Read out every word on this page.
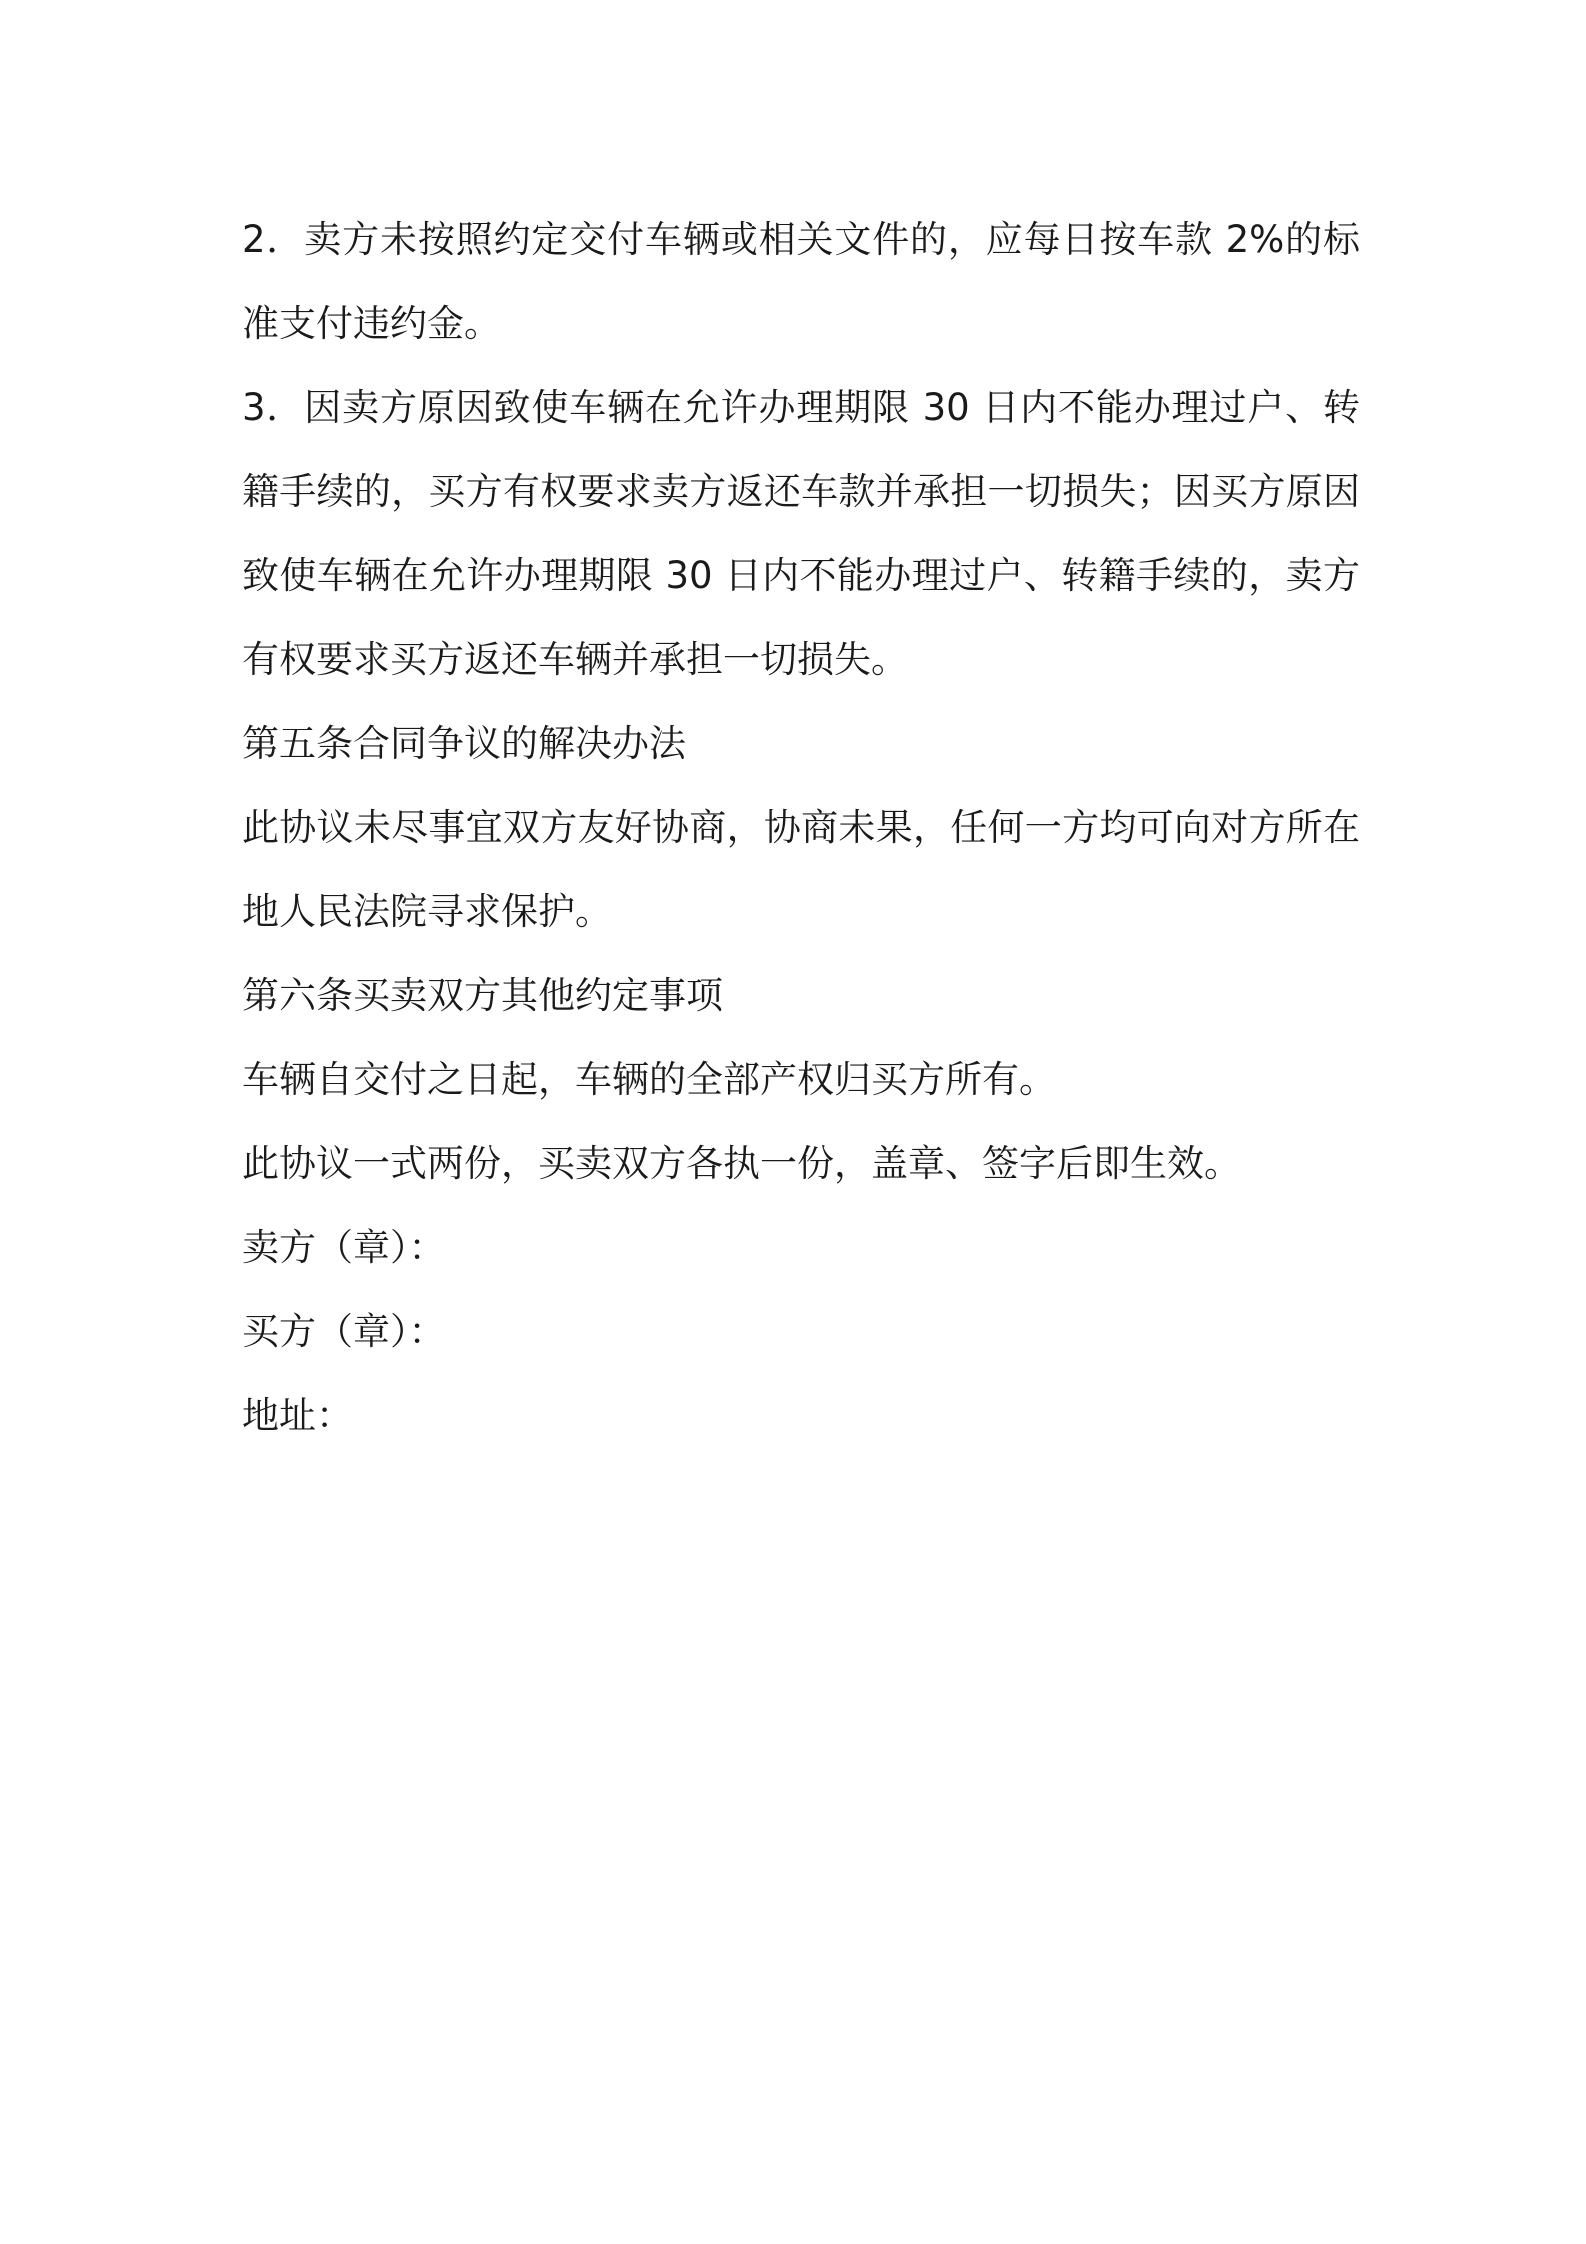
2．卖方未按照约定交付车辆或相关文件的，应每日按车款 2%的标
准支付违约金。
3．因卖方原因致使车辆在允许办理期限 30 日内不能办理过户、转
籍手续的，买方有权要求卖方返还车款并承担一切损失；因买方原因
致使车辆在允许办理期限 30 日内不能办理过户、转籍手续的，卖方
有权要求买方返还车辆并承担一切损失。
第五条合同争议的解决办法
此协议未尽事宜双方友好协商，协商未果，任何一方均可向对方所在
地人民法院寻求保护。
第六条买卖双方其他约定事项
车辆自交付之日起，车辆的全部产权归买方所有。
此协议一式两份，买卖双方各执一份，盖章、签字后即生效。
卖方（章）：
买方（章）：
地址：
